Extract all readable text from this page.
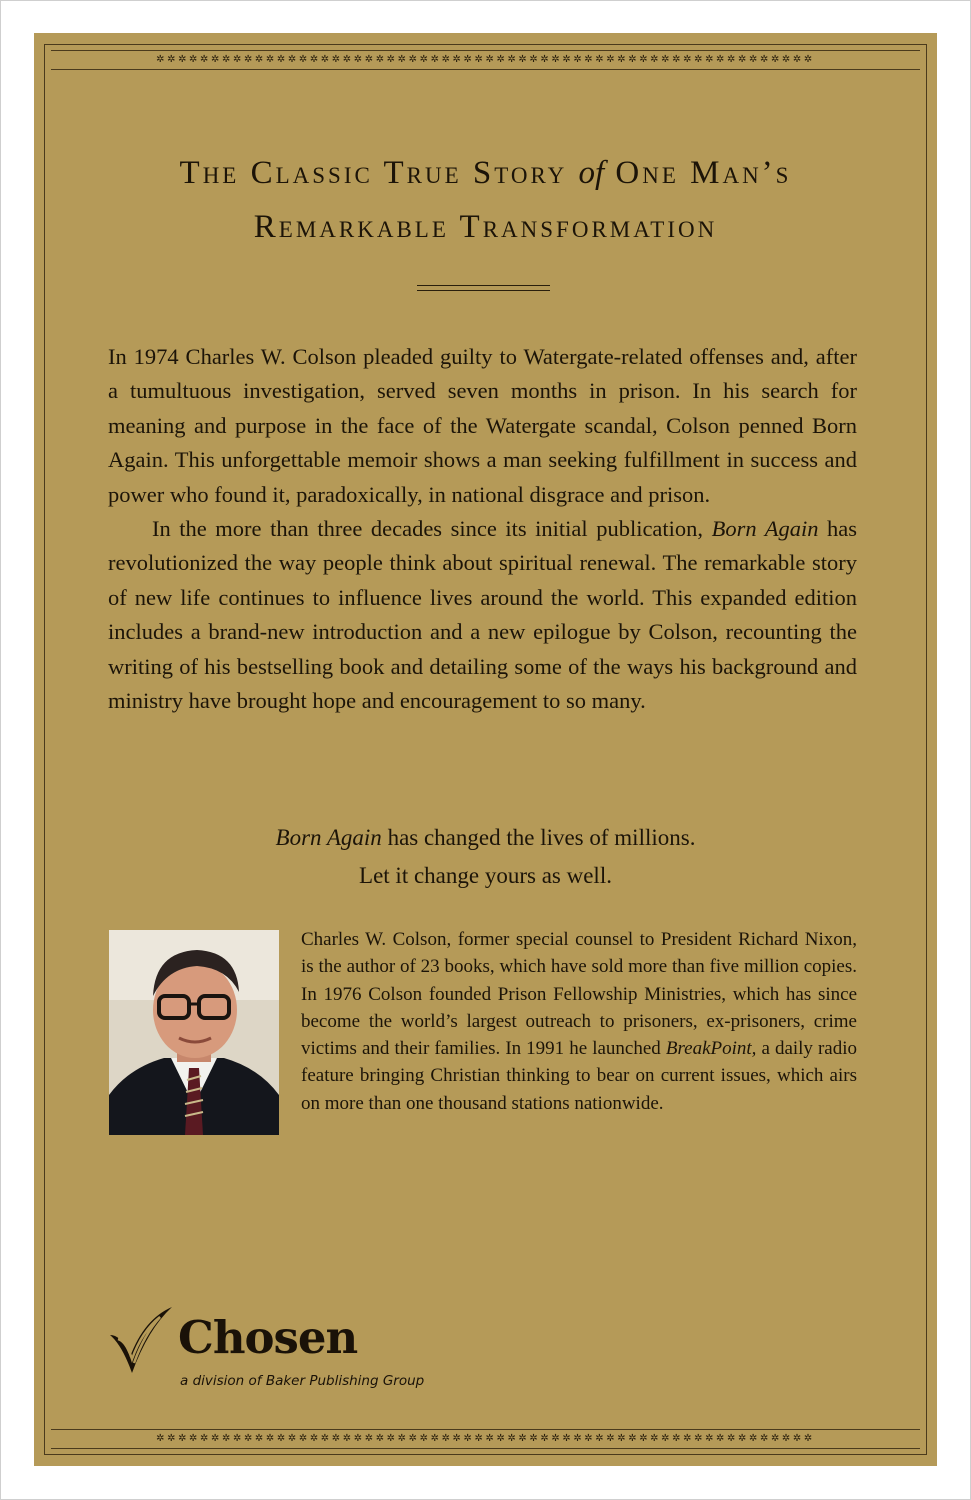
✲✲✲✲✲✲✲✲✲✲✲✲✲✲✲✲✲✲✲✲✲✲✲✲✲✲✲✲✲✲✲✲✲✲✲✲✲✲✲✲✲✲✲✲✲✲✲✲✲✲✲✲✲✲✲✲✲✲✲✲
✲✲✲✲✲✲✲✲✲✲✲✲✲✲✲✲✲✲✲✲✲✲✲✲✲✲✲✲✲✲✲✲✲✲✲✲✲✲✲✲✲✲✲✲✲✲✲✲✲✲✲✲✲✲✲✲✲✲✲✲
The Classic True Story of One Man’s
Remarkable Transformation

In 1974 Charles W. Colson pleaded guilty to Watergate-related offenses and, after a tumultuous investigation, served seven months in prison. In his search for meaning and purpose in the face of the Watergate scandal, Colson penned Born Again. This unforgettable memoir shows a man seeking fulfillment in success and power who found it, paradoxically, in national disgrace and prison.

In the more than three decades since its initial publication, Born Again has revolutionized the way people think about spiritual renewal. The remarkable story of new life continues to influence lives around the world. This expanded edition includes a brand-new introduction and a new epilogue by Colson, recounting the writing of his bestselling book and detailing some of the ways his background and ministry have brought hope and encouragement to so many.

Born Again has changed the lives of millions.

Let it change yours as well.

Charles W. Colson, former special counsel to President Richard Nixon, is the author of 23 books, which have sold more than five million copies. In 1976 Colson founded Prison Fellowship Ministries, which has since become the world’s largest outreach to prisoners, ex-prisoners, crime victims and their families. In 1991 he launched BreakPoint, a daily radio feature bringing Christian thinking to bear on current issues, which airs on more than one thousand stations nationwide.

Chosen
a division of Baker Publishing Group
